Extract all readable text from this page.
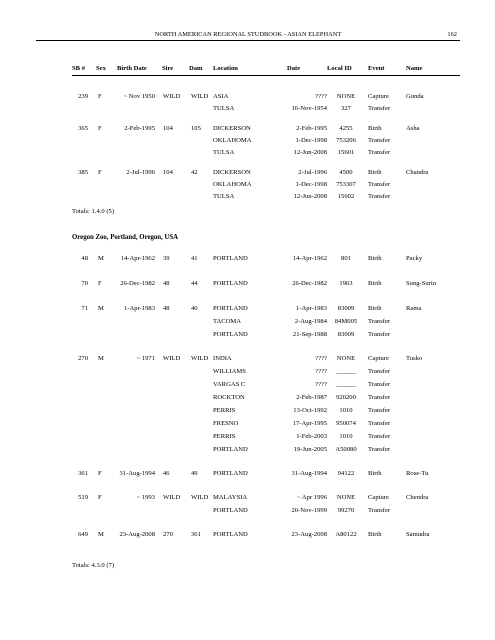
NORTH AMERICAN REGIONAL STUDBOOK - ASIAN ELEPHANT	162
SB # Sex Birth Date Sire Dam Location	Date	Local ID Event	Name
239 F	~ Nov 1950 WILD	WILD ASIA	????	NONE	Capture	Gunda
TULSA	16-Nov-1954	327	Transfer
365 F	2-Feb-1995 104	105	DICKERSON	2-Feb-1995	4255	Birth	Asha
OKLAHOMA	1-Dec-1998	753206	Transfer
TULSA	12-Jun-2008	15601	Transfer
385 F	2-Jul-1996 104	42	DICKERSON	2-Jul-1996	4500	Birth	Chandra
OKLAHOMA	1-Dec-1998	753307	Transfer
TULSA	12-Jun-2008	15602	Transfer
Totals: 1.4.0 (5)
Oregon Zoo, Portland, Oregon, USA
48 M	14-Apr-1962 39	41	PORTLAND	14-Apr-1962	801	Birth	Packy
70 F	26-Dec-1982 48	44	PORTLAND	26-Dec-1982	1963	Birth	Sung-Surin
71 M	1-Apr-1983 48	40	PORTLAND	1-Apr-1983	83009	Birth	Rama
TACOMA	2-Aug-1984	84M005	Transfer
PORTLAND	21-Sep-1988	83009	Transfer
270 M	~ 1971 WILD	WILD INDIA	????	NONE	Capture	Tusko
WILLIAMS	????	______	Transfer
VARGAS C	????	______	Transfer
ROCKTON	2-Feb-1987	920200	Transfer
PERRIS	13-Oct-1992	1010	Transfer
FRESNO	17-Apr-1995	950074	Transfer
PERRIS	1-Feb-2003	1010	Transfer
PORTLAND	19-Jun-2005	A50080	Transfer
361 F	31-Aug-1994 46	49	PORTLAND	31-Aug-1994	94122	Birth	Rose-Tu
519 F	~ 1993 WILD	WILD MALAYSIA	~ Apr 1996	NONE	Capture	Chendra
PORTLAND	20-Nov-1999	99270	Transfer
649 M	23-Aug-2008 270	361	PORTLAND	23-Aug-2008	A80122	Birth	Samudra
Totals: 4.3.0 (7)
